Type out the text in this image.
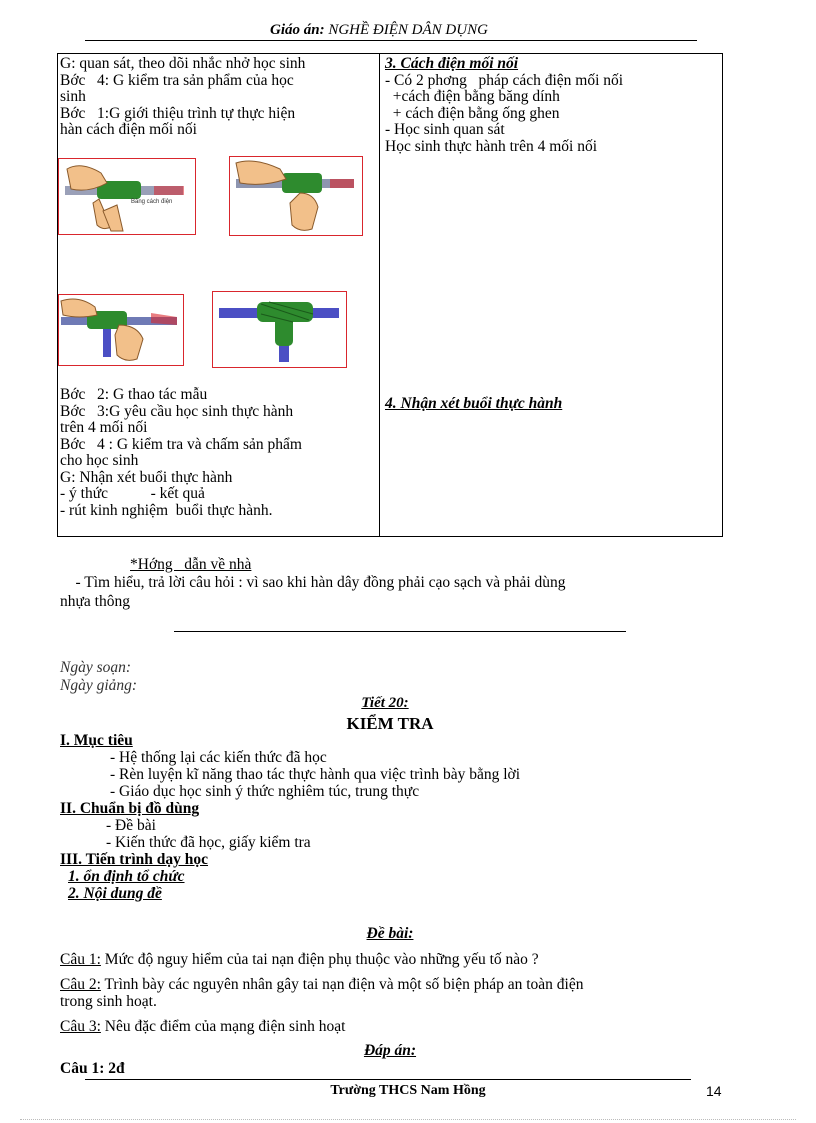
Giáo án: NGHỀ ĐIỆN DÂN DỤNG
G: quan sát, theo dõi nhắc nhở học sinh
Bớc   4: G kiểm tra sản phẩm của học
sinh
Bớc   1:G giới thiệu trình tự thực hiện
hàn cách điện mối nối
Băng cách điện
Bớc   2: G thao tác mẫu
Bớc   3:G yêu cầu học sinh thực hành
trên 4 mối nối
Bớc   4 : G kiểm tra và chấm sản phẩm
cho học sinh
G: Nhận xét buổi thực hành
- ý thức           - kết quả
- rút kinh nghiệm  buổi thực hành.
3. Cách điện mối nối
- Có 2 phơng   pháp cách điện mối nối
+cách điện bằng băng dính
+ cách điện bằng ống ghen
- Học sinh quan sát
Học sinh thực hành trên 4 mối nối
4. Nhận xét buổi thực hành
*Hớng   dẫn về nhà
- Tìm hiểu, trả lời câu hỏi : vì sao khi hàn dây đồng phải cạo sạch và phải dùng
nhựa thông
Ngày soạn:
Ngày giảng:
Tiết 20:
KIỂM TRA
I. Mục tiêu
- Hệ thống lại các kiến thức đã học
- Rèn luyện kĩ năng thao tác thực hành qua việc trình bày bằng lời
- Giáo dục học sinh ý thức nghiêm túc, trung thực
II. Chuẩn bị đồ dùng
- Đề bài
- Kiến thức đã học, giấy kiểm tra
III. Tiến trình dạy học
1. ổn định tổ chức
2. Nội dung đề
Đề bài:
Câu 1: Mức độ nguy hiểm của tai nạn điện phụ thuộc vào những yếu tố nào ?
Câu 2: Trình bày các nguyên nhân gây tai nạn điện và một số biện pháp an toàn điện
trong sinh hoạt.
Câu 3: Nêu đặc điểm của mạng điện sinh hoạt
Đáp án:
Câu 1: 2đ
Trường THCS Nam Hồng	14
